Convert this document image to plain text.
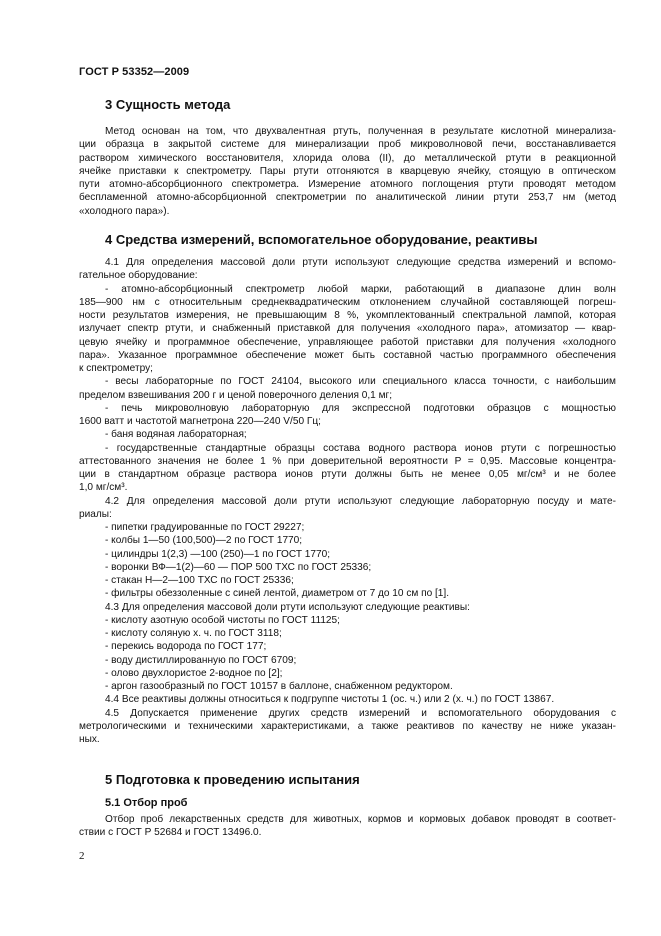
ГОСТ Р 53352—2009
3 Сущность метода
Метод основан на том, что двухвалентная ртуть, полученная в результате кислотной минерализа-
ции образца в закрытой системе для минерализации проб микроволновой печи, восстанавливается
раствором химического восстановителя, хлорида олова (II), до металлической ртути в реакционной
ячейке приставки к спектрометру. Пары ртути отгоняются в кварцевую ячейку, стоящую в оптическом
пути атомно-абсорбционного спектрометра. Измерение атомного поглощения ртути проводят методом
беспламенной атомно-абсорбционной спектрометрии по аналитической линии ртути 253,7 нм (метод
«холодного пара»).
4 Средства измерений, вспомогательное оборудование, реактивы
4.1 Для определения массовой доли ртути используют следующие средства измерений и вспомо-
гательное оборудование:
- атомно-абсорбционный спектрометр любой марки, работающий в диапазоне длин волн
185—900 нм с относительным среднеквадратическим отклонением случайной составляющей погреш-
ности результатов измерения, не превышающим 8 %, укомплектованный спектральной лампой, которая
излучает спектр ртути, и снабженный приставкой для получения «холодного пара», атомизатор — квар-
цевую ячейку и программное обеспечение, управляющее работой приставки для получения «холодного
пара». Указанное программное обеспечение может быть составной частью программного обеспечения
к спектрометру;
- весы лабораторные по ГОСТ 24104, высокого или специального класса точности, с наибольшим
пределом взвешивания 200 г и ценой поверочного деления 0,1 мг;
- печь микроволновую лабораторную для экспрессной подготовки образцов с мощностью
1600 ватт и частотой магнетрона 220—240 V/50 Гц;
- баня водяная лабораторная;
- государственные стандартные образцы состава водного раствора ионов ртути с погрешностью
аттестованного значения не более 1 % при доверительной вероятности P = 0,95. Массовые концентра-
ции в стандартном образце раствора ионов ртути должны быть не менее 0,05 мг/см³ и не более
1,0 мг/см³.
4.2 Для определения массовой доли ртути используют следующие лабораторную посуду и мате-
риалы:
- пипетки градуированные по ГОСТ 29227;
- колбы 1—50 (100,500)—2 по ГОСТ 1770;
- цилиндры 1(2,3) —100 (250)—1 по ГОСТ 1770;
- воронки ВФ—1(2)—60 — ПОР 500 ТХС по ГОСТ 25336;
- стакан Н—2—100 ТХС по ГОСТ 25336;
- фильтры обеззоленные с синей лентой, диаметром от 7 до 10 см по [1].
4.3 Для определения массовой доли ртути используют следующие реактивы:
- кислоту азотную особой чистоты по ГОСТ 11125;
- кислоту соляную х. ч. по ГОСТ 3118;
- перекись водорода по ГОСТ 177;
- воду дистиллированную по ГОСТ 6709;
- олово двухлористое 2-водное по [2];
- аргон газообразный по ГОСТ 10157 в баллоне, снабженном редуктором.
4.4 Все реактивы должны относиться к подгруппе чистоты 1 (ос. ч.) или 2 (х. ч.) по ГОСТ 13867.
4.5 Допускается применение других средств измерений и вспомогательного оборудования с
метрологическими и техническими характеристиками, а также реактивов по качеству не ниже указан-
ных.
5 Подготовка к проведению испытания
5.1 Отбор проб
Отбор проб лекарственных средств для животных, кормов и кормовых добавок проводят в соответ-
ствии с ГОСТ Р 52684 и ГОСТ 13496.0.
2
